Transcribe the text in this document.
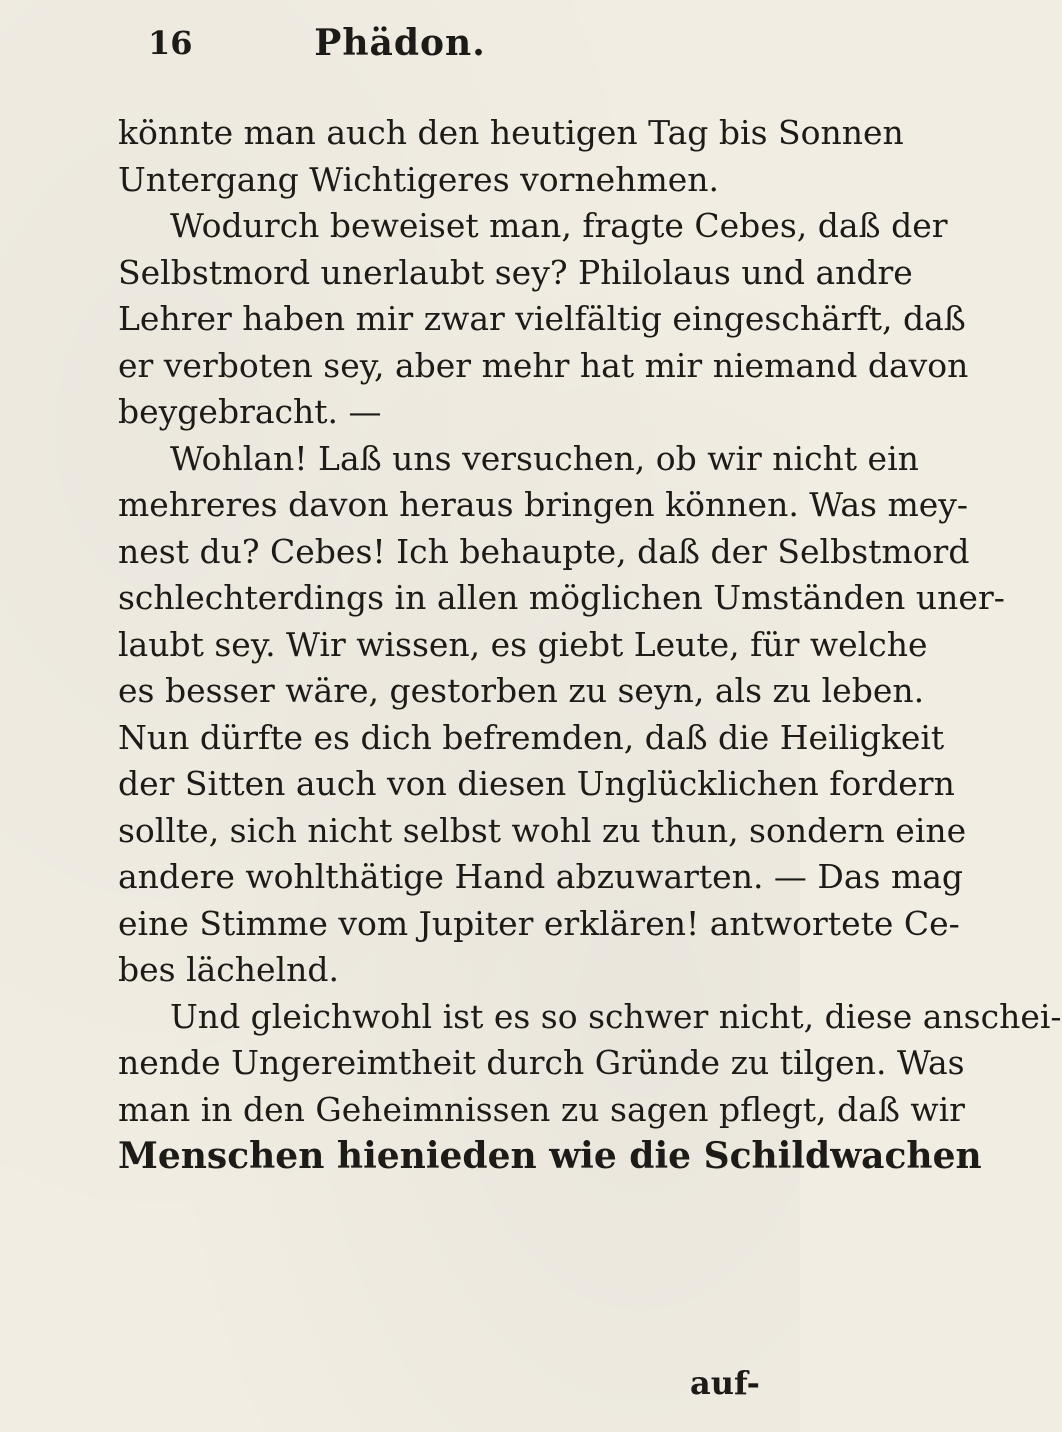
16	Phädon.
könnte man auch den heutigen Tag bis Sonnen
Untergang Wichtigeres vornehmen.
Wodurch beweiset man, fragte Cebes, daß der
Selbstmord unerlaubt sey? Philolaus und andre
Lehrer haben mir zwar vielfältig eingeschärft, daß
er verboten sey, aber mehr hat mir niemand davon
beygebracht. —
Wohlan! Laß uns versuchen, ob wir nicht ein
mehreres davon heraus bringen können. Was mey-
nest du? Cebes! Ich behaupte, daß der Selbstmord
schlechterdings in allen möglichen Umständen uner-
laubt sey. Wir wissen, es giebt Leute, für welche
es besser wäre, gestorben zu seyn, als zu leben.
Nun dürfte es dich befremden, daß die Heiligkeit
der Sitten auch von diesen Unglücklichen fordern
sollte, sich nicht selbst wohl zu thun, sondern eine
andere wohlthätige Hand abzuwarten. — Das mag
eine Stimme vom Jupiter erklären! antwortete Ce-
bes lächelnd.
Und gleichwohl ist es so schwer nicht, diese anschei-
nende Ungereimtheit durch Gründe zu tilgen. Was
man in den Geheimnissen zu sagen pflegt, daß wir
Menschen hienieden wie die Schildwachen
auf-
